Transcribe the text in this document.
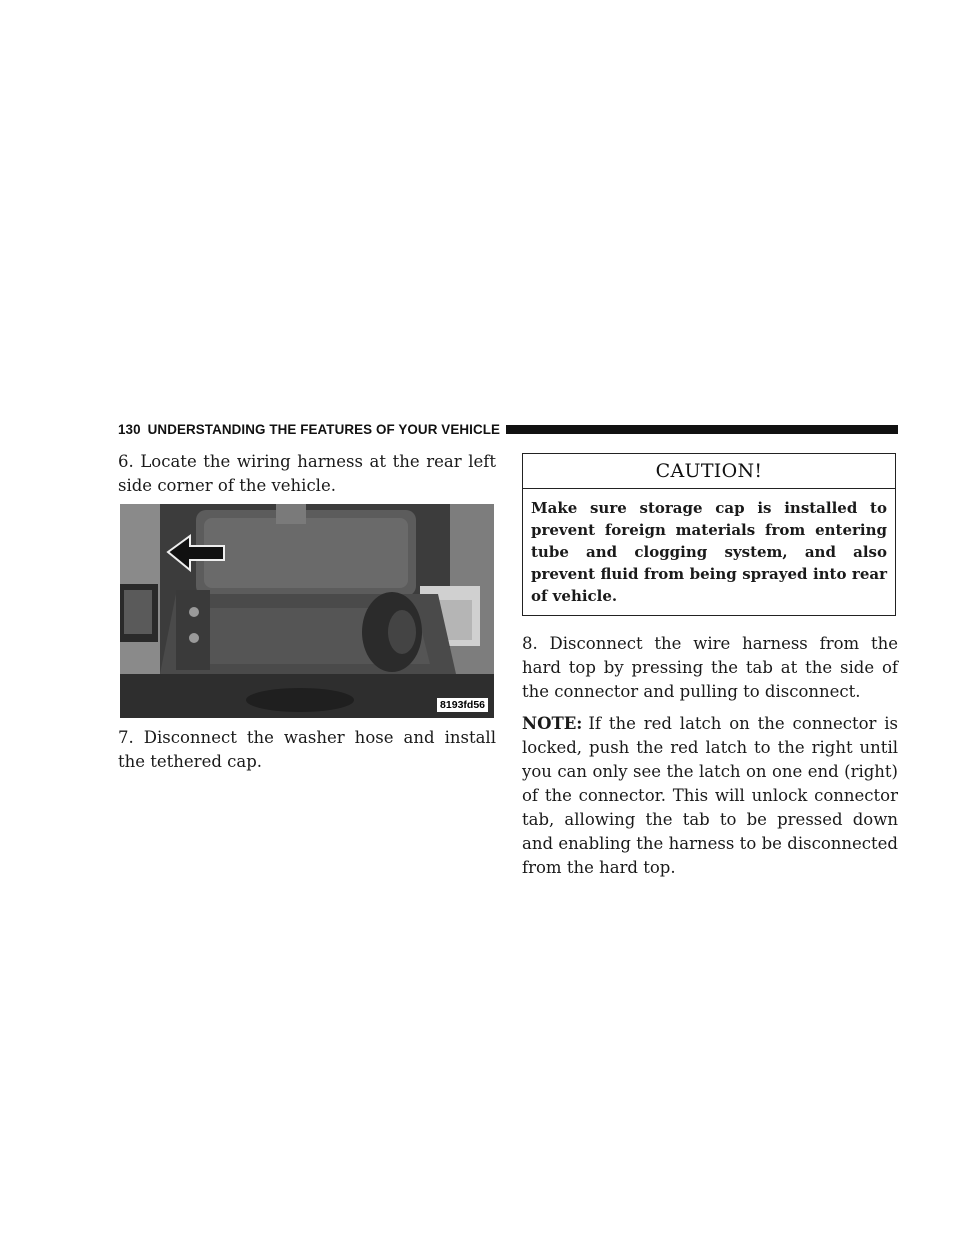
130 UNDERSTANDING THE FEATURES OF YOUR VEHICLE

6. Locate the wiring harness at the rear left side corner of the vehicle.

8193fd56

7. Disconnect the washer hose and install the tethered cap.

CAUTION!
Make sure storage cap is installed to prevent foreign materials from entering tube and clogging system, and also prevent fluid from being sprayed into rear of vehicle.

8. Disconnect the wire harness from the hard top by pressing the tab at the side of the connector and pulling to disconnect.

NOTE: If the red latch on the connector is locked, push the red latch to the right until you can only see the latch on one end (right) of the connector. This will unlock connector tab, allowing the tab to be pressed down and enabling the harness to be disconnected from the hard top.
